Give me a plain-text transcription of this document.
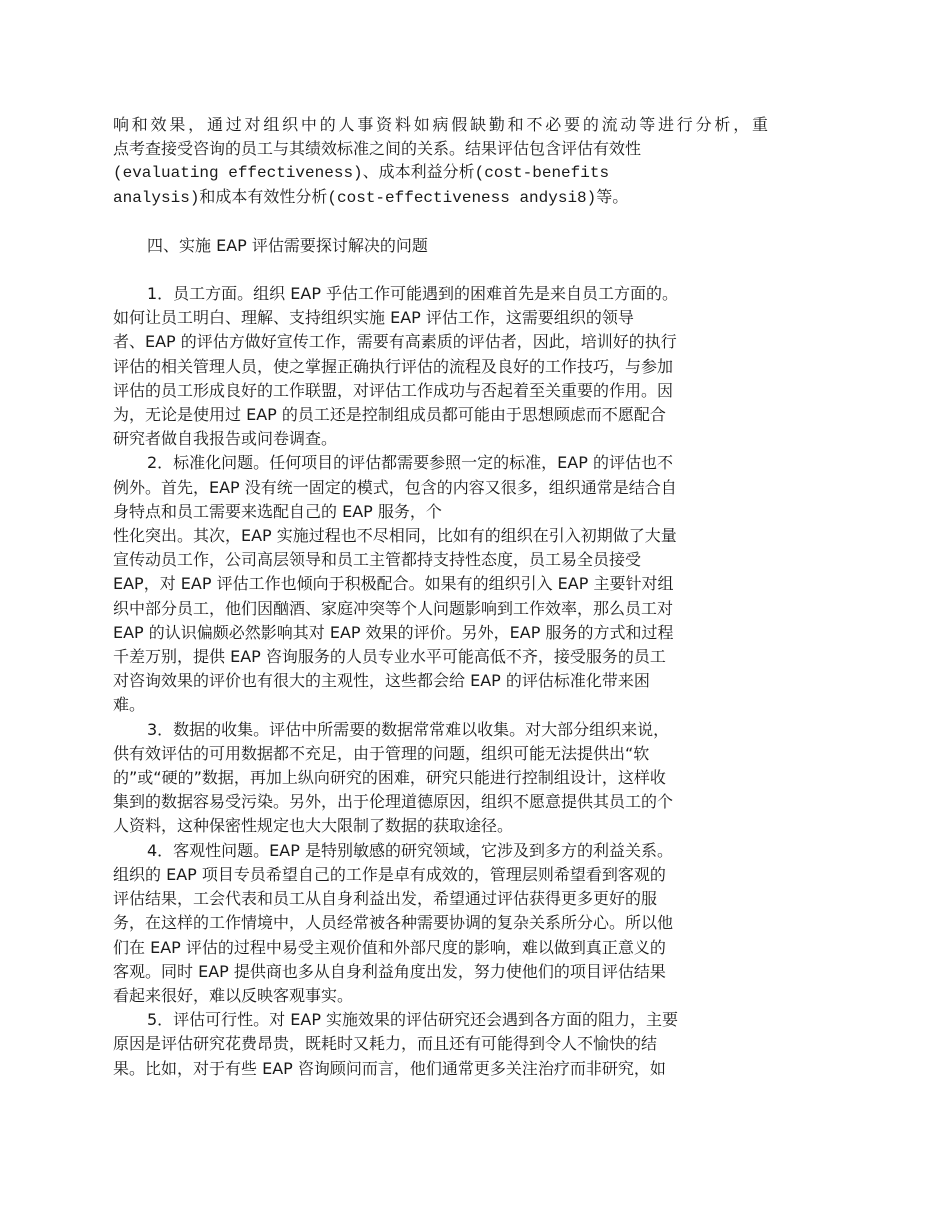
响和效果，通过对组织中的人事资料如病假缺勤和不必要的流动等进行分析，重
点考查接受咨询的员工与其绩效标准之间的关系。结果评估包含评估有效性
(evaluating effectiveness)、成本利益分析(cost-benefits
analysis)和成本有效性分析(cost-effectiveness andysi8)等。
四、实施 EAP 评估需要探讨解决的问题
1．员工方面。组织 EAP 乎估工作可能遇到的困难首先是来自员工方面的。
如何让员工明白、理解、支持组织实施 EAP 评估工作，这需要组织的领导
者、EAP 的评估方做好宣传工作，需要有高素质的评估者，因此，培训好的执行
评估的相关管理人员，使之掌握正确执行评估的流程及良好的工作技巧，与参加
评估的员工形成良好的工作联盟，对评估工作成功与否起着至关重要的作用。因
为，无论是使用过 EAP 的员工还是控制组成员都可能由于思想顾虑而不愿配合
研究者做自我报告或问卷调查。
2．标准化问题。任何项目的评估都需要参照一定的标准，EAP 的评估也不
例外。首先，EAP 没有统一固定的模式，包含的内容又很多，组织通常是结合自
身特点和员工需要来选配自己的 EAP 服务，个
性化突出。其次，EAP 实施过程也不尽相同，比如有的组织在引入初期做了大量
宣传动员工作，公司高层领导和员工主管都持支持性态度，员工易全员接受
EAP，对 EAP 评估工作也倾向于积极配合。如果有的组织引入 EAP 主要针对组
织中部分员工，他们因酗酒、家庭冲突等个人问题影响到工作效率，那么员工对
EAP 的认识偏颇必然影响其对 EAP 效果的评价。另外，EAP 服务的方式和过程
千差万别，提供 EAP 咨询服务的人员专业水平可能高低不齐，接受服务的员工
对咨询效果的评价也有很大的主观性，这些都会给 EAP 的评估标准化带来困
难。
3．数据的收集。评估中所需要的数据常常难以收集。对大部分组织来说，
供有效评估的可用数据都不充足，由于管理的问题，组织可能无法提供出“软
的”或“硬的”数据，再加上纵向研究的困难，研究只能进行控制组设计，这样收
集到的数据容易受污染。另外，出于伦理道德原因，组织不愿意提供其员工的个
人资料，这种保密性规定也大大限制了数据的获取途径。
4．客观性问题。EAP 是特别敏感的研究领域，它涉及到多方的利益关系。
组织的 EAP 项目专员希望自己的工作是卓有成效的，管理层则希望看到客观的
评估结果，工会代表和员工从自身利益出发，希望通过评估获得更多更好的服
务，在这样的工作情境中，人员经常被各种需要协调的复杂关系所分心。所以他
们在 EAP 评估的过程中易受主观价值和外部尺度的影响，难以做到真正意义的
客观。同时 EAP 提供商也多从自身利益角度出发，努力使他们的项目评估结果
看起来很好，难以反映客观事实。
5．评估可行性。对 EAP 实施效果的评估研究还会遇到各方面的阻力，主要
原因是评估研究花费昂贵，既耗时又耗力，而且还有可能得到令人不愉快的结
果。比如，对于有些 EAP 咨询顾问而言，他们通常更多关注治疗而非研究，如
